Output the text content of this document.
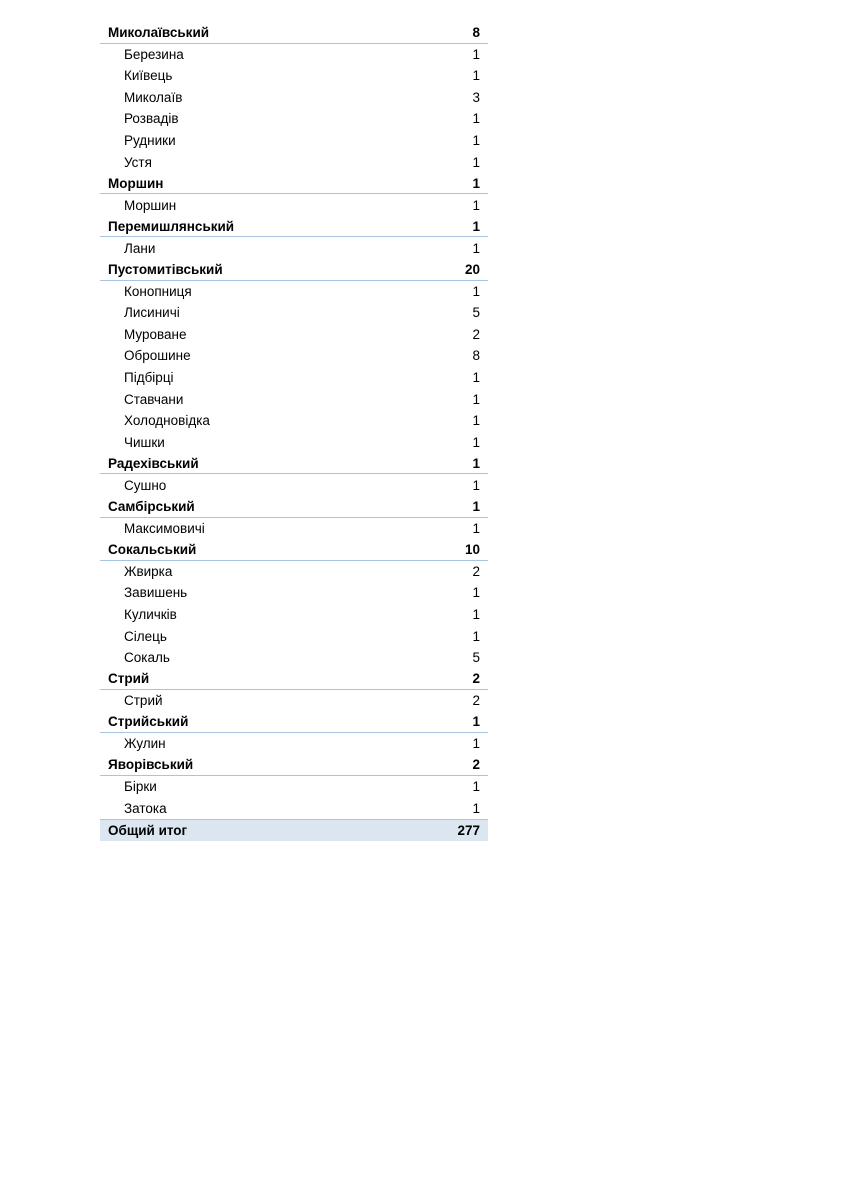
Миколаївський	8
Березина	1
Київець	1
Миколаїв	3
Розвадів	1
Рудники	1
Устя	1
Моршин	1
Моршин	1
Перемишлянський	1
Лани	1
Пустомитівський	20
Конопниця	1
Лисиничі	5
Муроване	2
Оброшине	8
Підбірці	1
Ставчани	1
Холодновідка	1
Чишки	1
Радехівський	1
Сушно	1
Самбірський	1
Максимовичі	1
Сокальський	10
Жвирка	2
Завишень	1
Куличків	1
Сілець	1
Сокаль	5
Стрий	2
Стрий	2
Стрийський	1
Жулин	1
Яворівський	2
Бірки	1
Затока	1
Общий итог	277
